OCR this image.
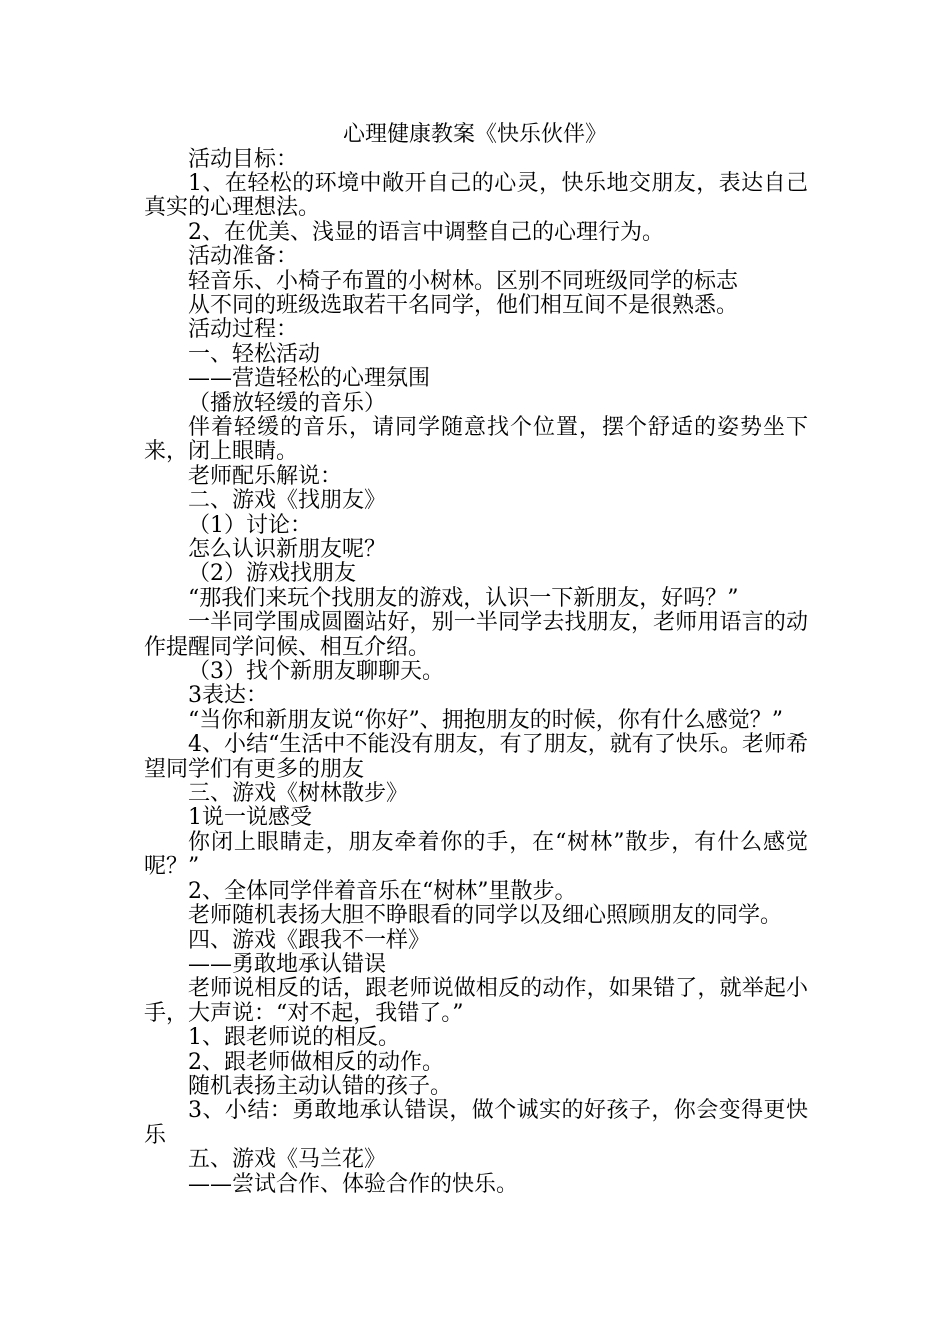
心理健康教案《快乐伙伴》

活动目标：

1、在轻松的环境中敞开自己的心灵，快乐地交朋友，表达自己真实的心理想法。

2、在优美、浅显的语言中调整自己的心理行为。

活动准备：

轻音乐、小椅子布置的小树林。区别不同班级同学的标志

从不同的班级选取若干名同学，他们相互间不是很熟悉。

活动过程：

一、轻松活动

——营造轻松的心理氛围

（播放轻缓的音乐）

伴着轻缓的音乐，请同学随意找个位置，摆个舒适的姿势坐下来，闭上眼睛。

老师配乐解说：

二、游戏《找朋友》

（1）讨论：

怎么认识新朋友呢？

（2）游戏找朋友

“那我们来玩个找朋友的游戏，认识一下新朋友，好吗？”

一半同学围成圆圈站好，别一半同学去找朋友，老师用语言的动作提醒同学问候、相互介绍。

（3）找个新朋友聊聊天。

3表达：

“当你和新朋友说“你好”、拥抱朋友的时候，你有什么感觉？”

4、小结“生活中不能没有朋友，有了朋友，就有了快乐。老师希望同学们有更多的朋友

三、游戏《树林散步》

1说一说感受

你闭上眼睛走，朋友牵着你的手，在“树林”散步，有什么感觉呢？”

2、全体同学伴着音乐在“树林”里散步。

老师随机表扬大胆不睁眼看的同学以及细心照顾朋友的同学。

四、游戏《跟我不一样》

——勇敢地承认错误

老师说相反的话，跟老师说做相反的动作，如果错了，就举起小手，大声说：“对不起，我错了。”

1、跟老师说的相反。

2、跟老师做相反的动作。

随机表扬主动认错的孩子。

3、小结：勇敢地承认错误，做个诚实的好孩子，你会变得更快乐

五、游戏《马兰花》

——尝试合作、体验合作的快乐。
